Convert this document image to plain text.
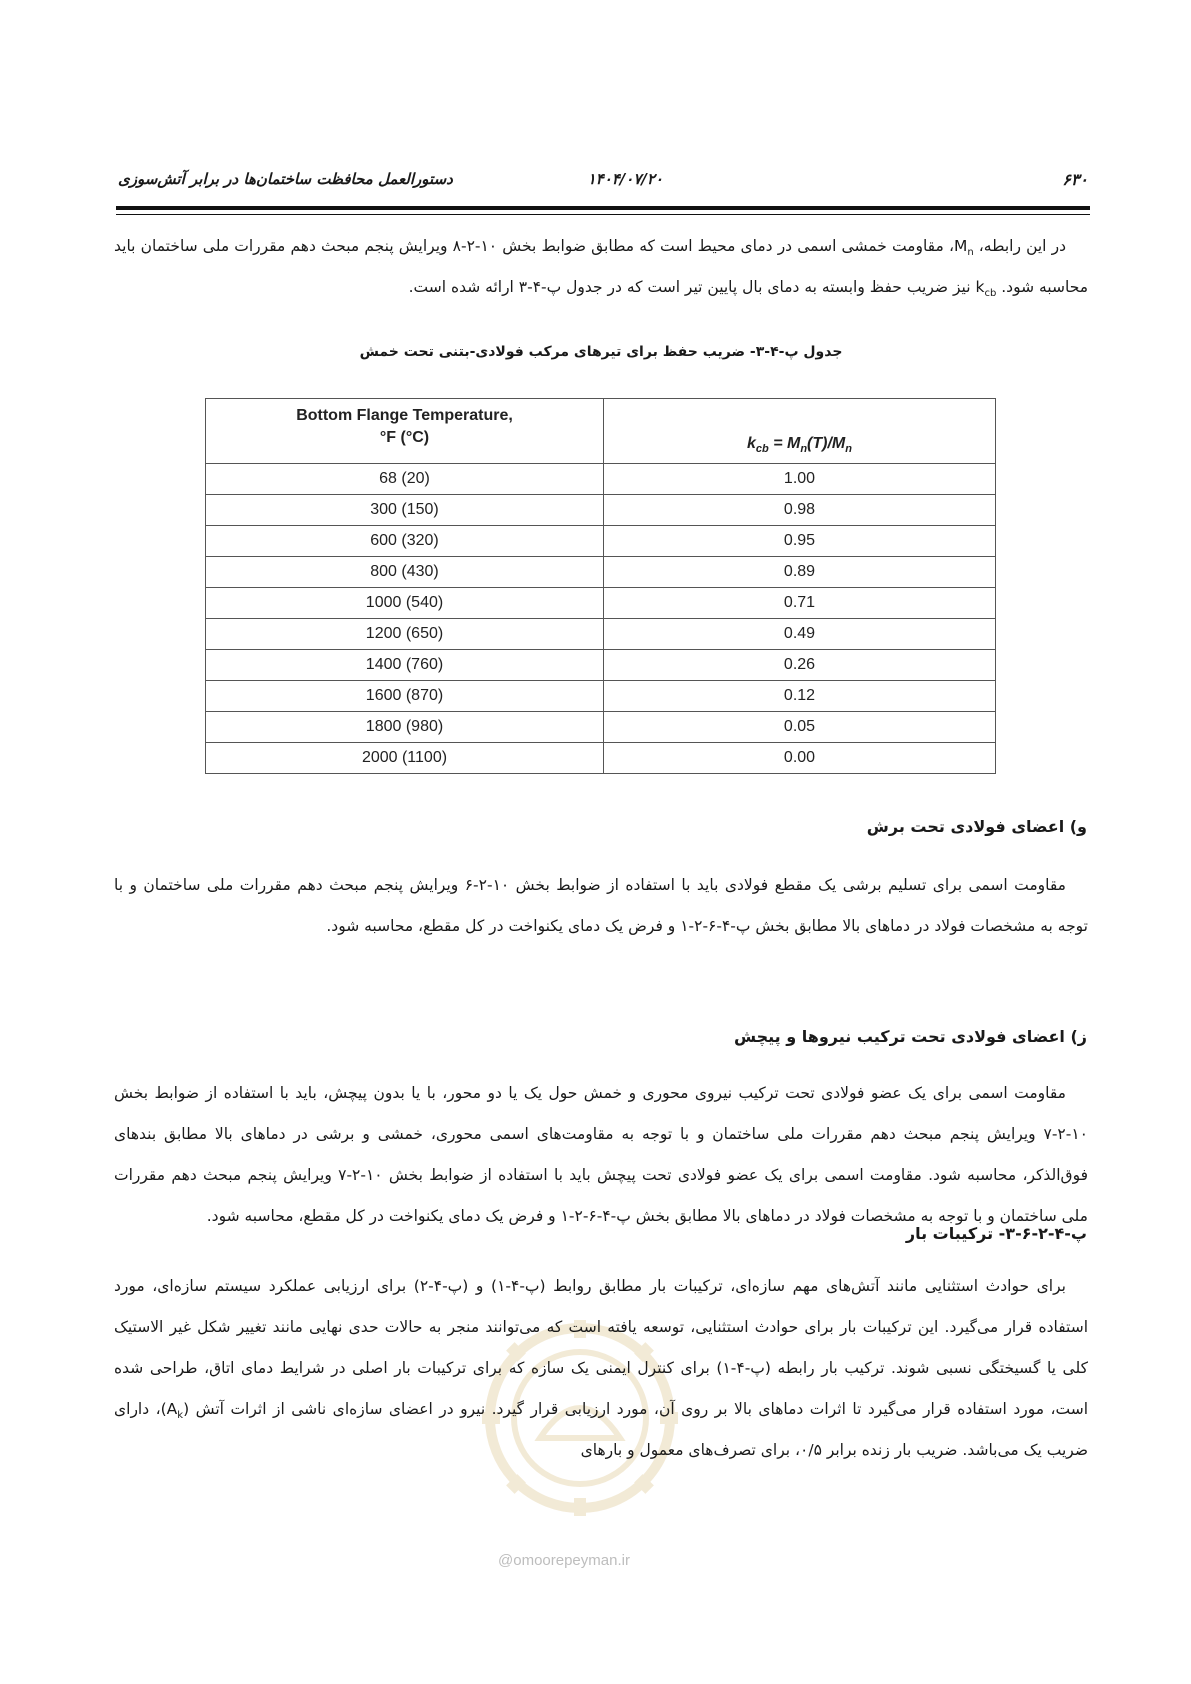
۶۳۰
۱۴۰۴/۰۷/۲۰
دستورالعمل محافظت ساختمان‌ها در برابر آتش‌سوزی
در این رابطه، $M_n،$ مقاومت خمشی اسمی در دمای محیط است که مطابق ضوابط بخش ۱۰-۲-۸ ویرایش پنجم مبحث دهم مقررات ملی ساختمان باید محاسبه شود. $k_{cb}$ نیز ضریب حفظ وابسته به دمای بال پایین تیر است که در جدول پ-۴-۳ ارائه شده است.
جدول پ-۴-۳- ضریب حفظ برای تیرهای مرکب فولادی-بتنی تحت خمش
Bottom Flange Temperature,
°F (°C)	$k_{cb} = M_n(T)/M_n$
68 (20)	1.00
300 (150)	0.98
600 (320)	0.95
800 (430)	0.89
1000 (540)	0.71
1200 (650)	0.49
1400 (760)	0.26
1600 (870)	0.12
1800 (980)	0.05
2000 (1100)	0.00
و) اعضای فولادی تحت برش
مقاومت اسمی برای تسلیم برشی یک مقطع فولادی باید با استفاده از ضوابط بخش ۱۰-۲-۶ ویرایش پنجم مبحث دهم مقررات ملی ساختمان و با توجه به مشخصات فولاد در دماهای بالا مطابق بخش پ-۴-۶-۲-۱ و فرض یک دمای یکنواخت در کل مقطع، محاسبه شود.
ز) اعضای فولادی تحت ترکیب نیروها و پیچش
مقاومت اسمی برای یک عضو فولادی تحت ترکیب نیروی محوری و خمش حول یک یا دو محور، با یا بدون پیچش، باید با استفاده از ضوابط بخش ۱۰-۲-۷ ویرایش پنجم مبحث دهم مقررات ملی ساختمان و با توجه به مقاومت‌های اسمی محوری، خمشی و برشی در دماهای بالا مطابق بندهای فوق‌الذکر، محاسبه شود. مقاومت اسمی برای یک عضو فولادی تحت پیچش باید با استفاده از ضوابط بخش ۱۰-۲-۷ ویرایش پنجم مبحث دهم مقررات ملی ساختمان و با توجه به مشخصات فولاد در دماهای بالا مطابق بخش پ-۴-۶-۲-۱ و فرض یک دمای یکنواخت در کل مقطع، محاسبه شود.
پ-۴-۲-۶-۳- ترکیبات بار
برای حوادث استثنایی مانند آتش‌های مهم سازه‌ای، ترکیبات بار مطابق روابط (پ-۴-۱) و (پ-۴-۲) برای ارزیابی عملکرد سیستم سازه‌ای، مورد استفاده قرار می‌گیرد. این ترکیبات بار برای حوادث استثنایی، توسعه یافته است که می‌توانند منجر به حالات حدی نهایی مانند تغییر شکل غیر الاستیک کلی یا گسیختگی نسبی شوند. ترکیب بار رابطه (پ-۴-۱) برای کنترل ایمنی یک سازه که برای ترکیبات بار اصلی در شرایط دمای اتاق، طراحی شده است، مورد استفاده قرار می‌گیرد تا اثرات دماهای بالا بر روی آن، مورد ارزیابی قرار گیرد. نیرو در اعضای سازه‌ای ناشی از اثرات آتش $(A_k)،$ دارای ضریب یک می‌باشد. ضریب بار زنده برابر ۰/۵، برای تصرف‌های معمول و بارهای
@omoorepeyman.ir
